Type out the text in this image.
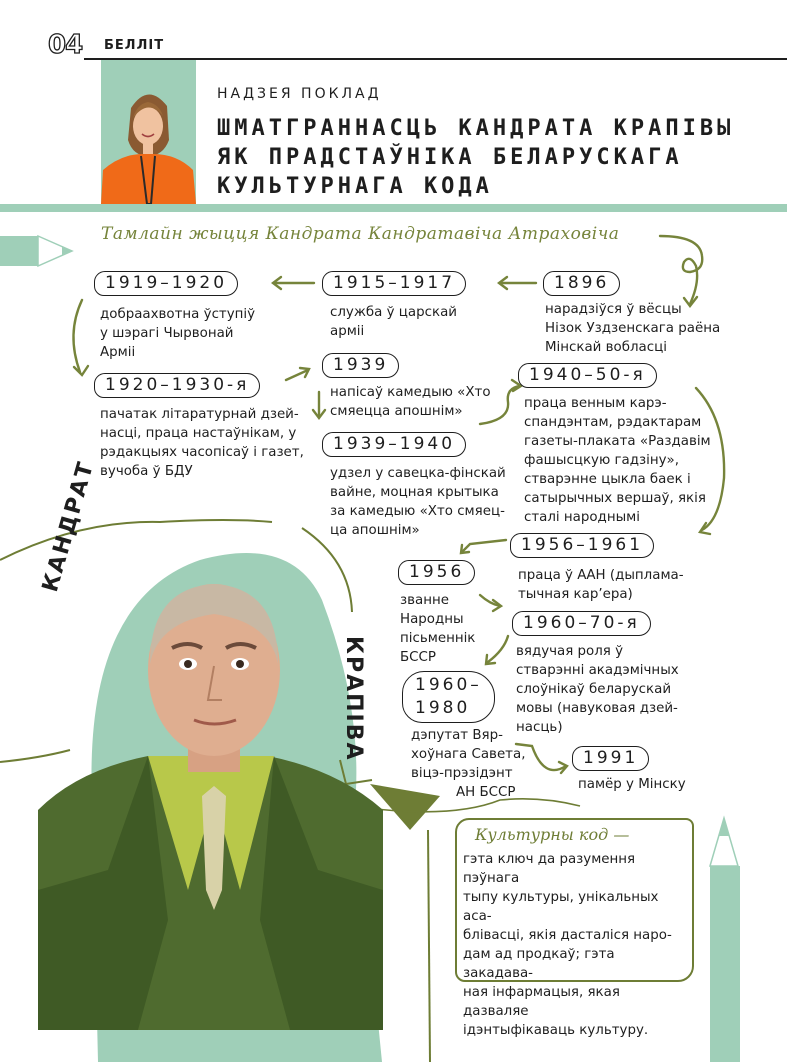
04 БЕЛЛІТ
НАДЗЕЯ ПОКЛАД
ШМАТГРАННАСЦЬ КАНДРАТА КРАПІВЫ
ЯК ПРАДСТАЎНІКА БЕЛАРУСКАГА
КУЛЬТУРНАГА КОДА
Тамлайн жыцця Кандрата Кандратавіча Атраховіча
1896
нарадзіўся ў вёсцы
Нізок Уздзенскага раёна
Мінскай вобласці
1915–1917
служба ў царскай
арміі
1919–1920
добраахвотна ўступіў
у шэрагі Чырвонай
Арміі
1920–1930-я
пачатак літаратурнай дзей-
насці, праца настаўнікам, у
рэдакцыях часопісаў і газет,
вучоба ў БДУ
1939
напісаў камедыю «Хто
смяецца апошнім»
1939–1940
удзел у савецка-фінскай
вайне, моцная крытыка
за камедыю «Хто смяец-
ца апошнім»
1940–50-я
праца венным карэ-
спандэнтам, рэдактарам
газеты-плаката «Раздавім
фашысцкую гадзіну»,
стварэнне цыкла баек і
сатырычных вершаў, якія
сталі народнымі
1956–1961
праца ў ААН (дыплама-
тычная кар’ера)
1956
званне
Народны
пісьменнік
БССР
1960–70-я
вядучая роля ў
стварэнні акадэмічных
слоўнікаў беларускай
мовы (навуковая дзей-
насць)
1960–
1980
дэпутат Вяр-
хоўнага Савета,
віцэ-прэзідэнт
АН БССР
1991
памёр у Мінску
КАНДРАТ
КРАПІВА
Культурны код —
гэта ключ да разумення пэўнага
тыпу культуры, унікальных аса-
блівасці, якія дасталіся наро-
дам ад продкаў; гэта закадава-
ная інфармацыя, якая дазваляе
ідэнтыфікаваць культуру.
